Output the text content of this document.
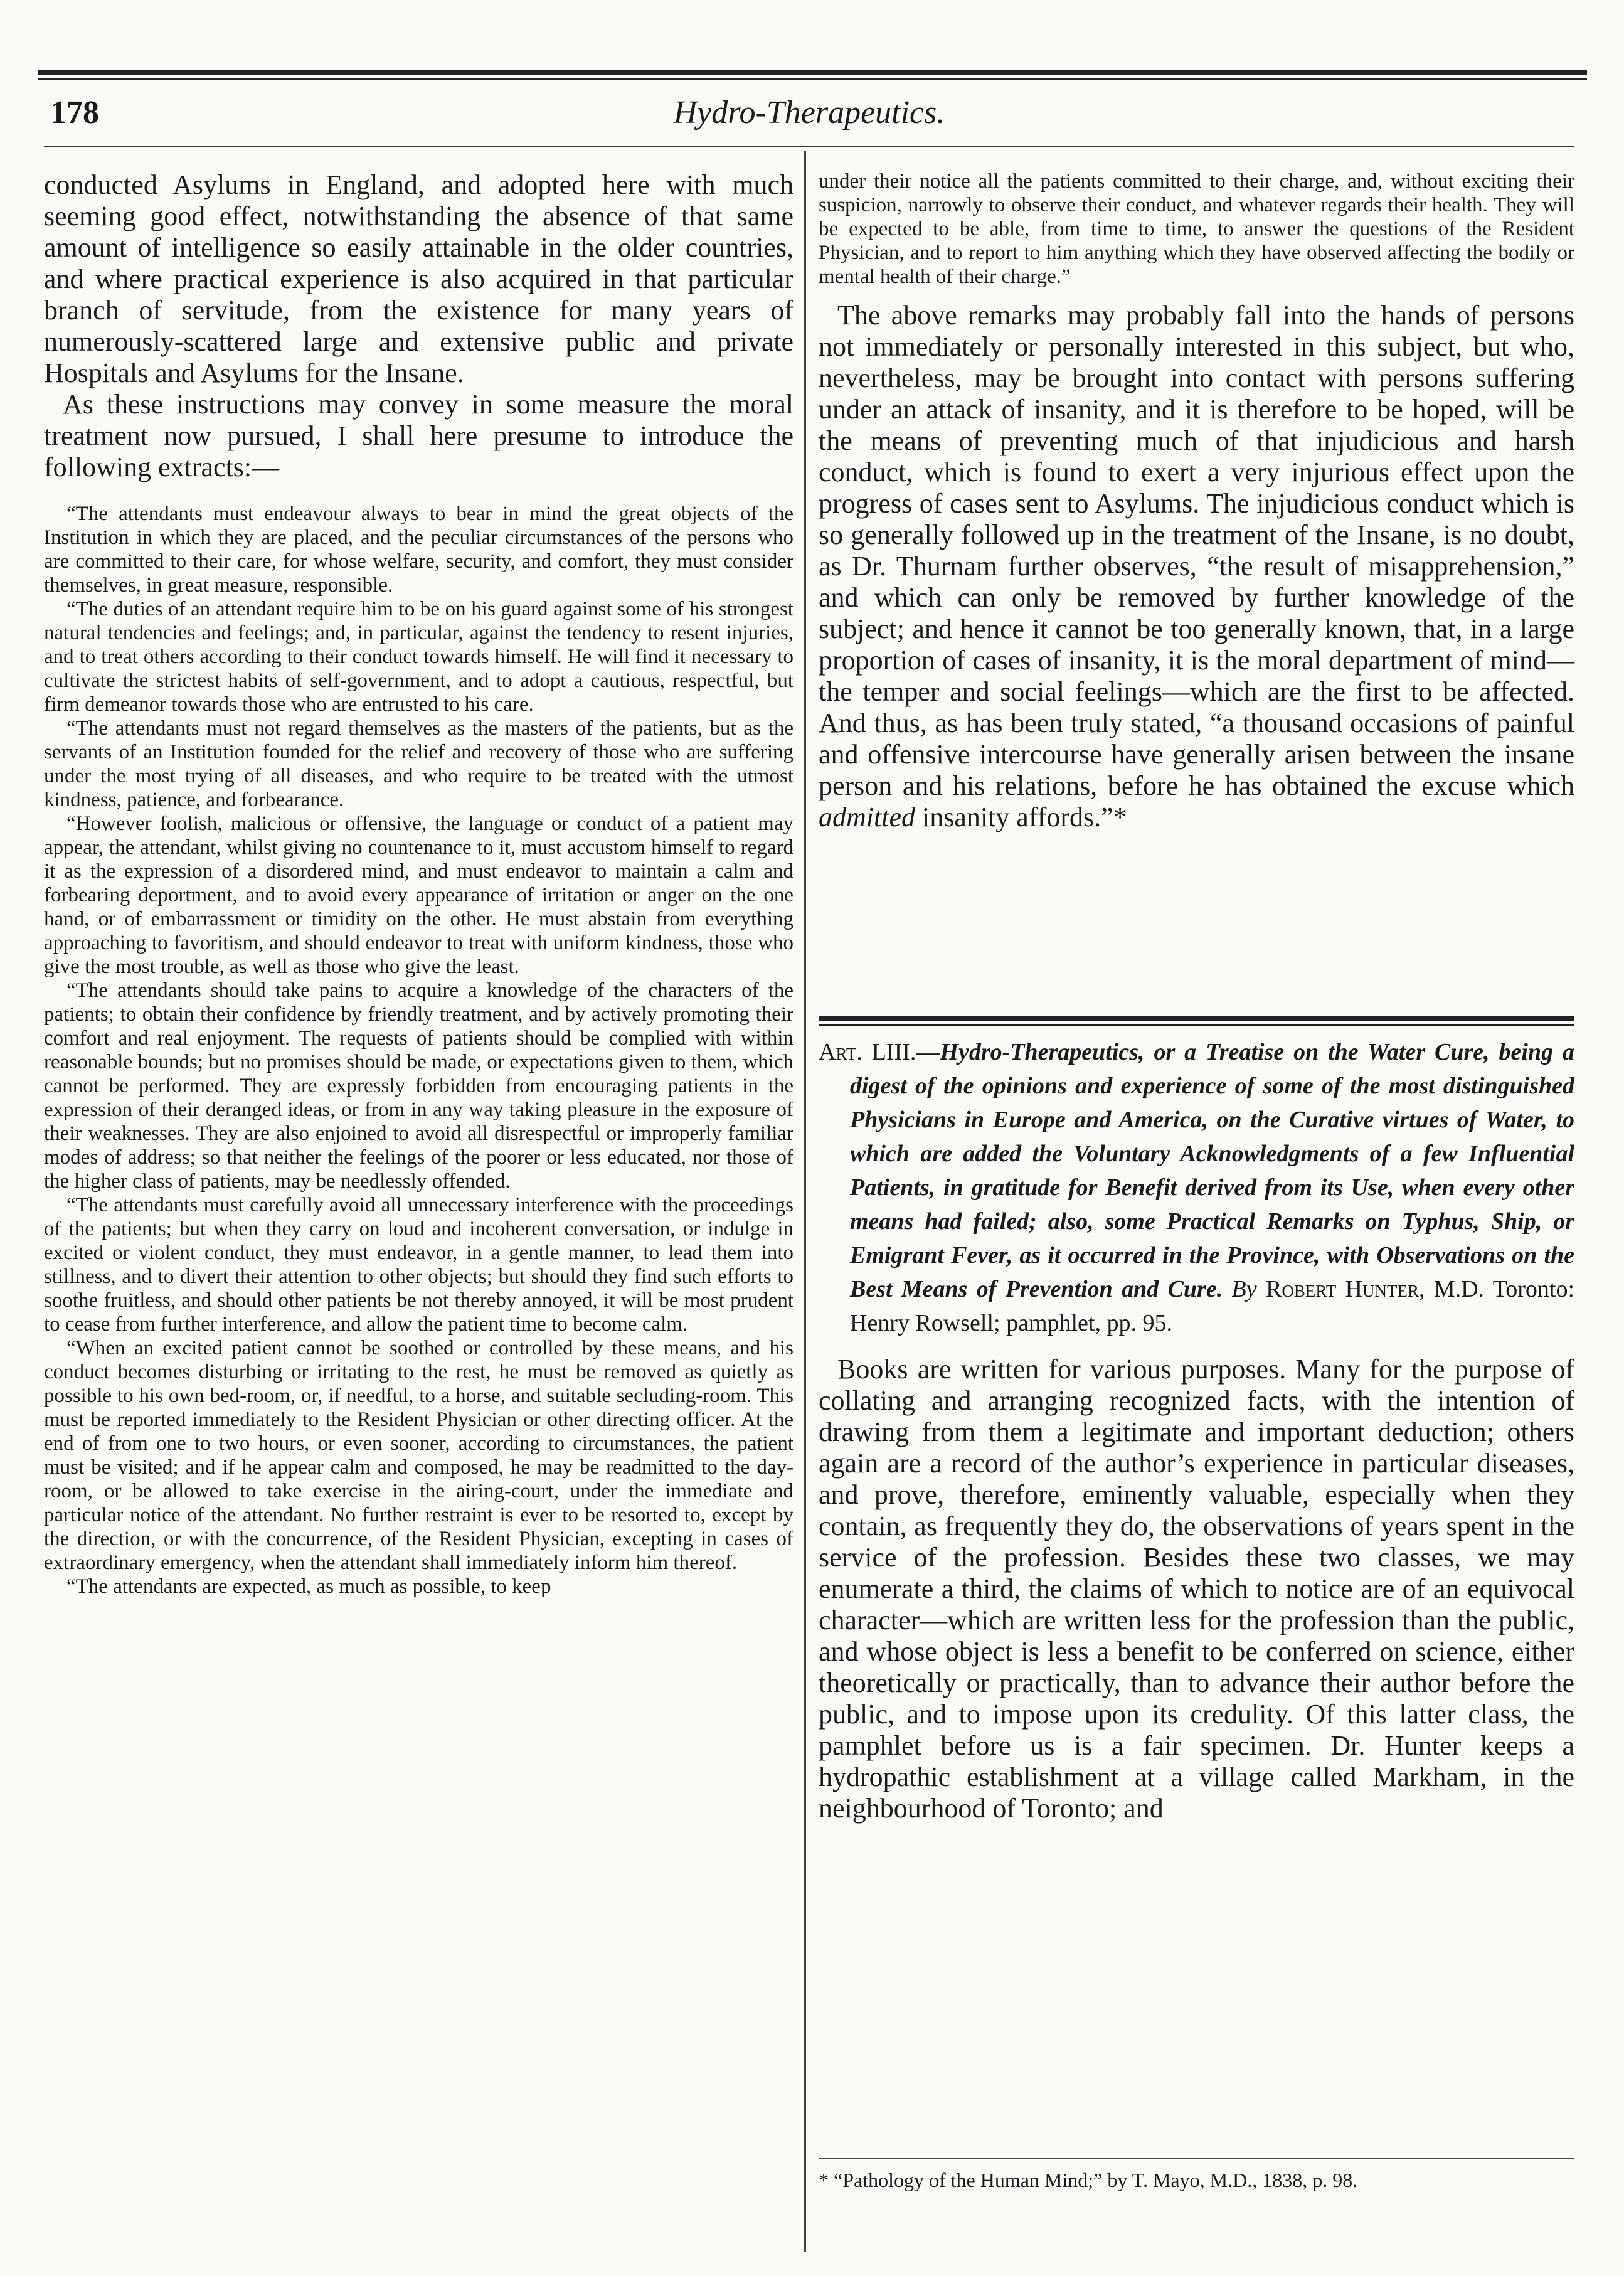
178	Hydro-Therapeutics.

conducted Asylums in England, and adopted here with much seeming good effect, notwithstanding the absence of that same amount of intelligence so easily attainable in the older countries, and where practical experience is also acquired in that particular branch of servitude, from the existence for many years of numerously-scattered large and extensive public and private Hospitals and Asylums for the Insane.

As these instructions may convey in some measure the moral treatment now pursued, I shall here presume to introduce the following extracts:—

“The attendants must endeavour always to bear in mind the great objects of the Institution in which they are placed, and the peculiar circumstances of the persons who are committed to their care, for whose welfare, security, and comfort, they must consider themselves, in great measure, responsible.

“The duties of an attendant require him to be on his guard against some of his strongest natural tendencies and feelings; and, in particular, against the tendency to resent injuries, and to treat others according to their conduct towards himself. He will find it necessary to cultivate the strictest habits of self-government, and to adopt a cautious, respectful, but firm demeanor towards those who are entrusted to his care.

“The attendants must not regard themselves as the masters of the patients, but as the servants of an Institution founded for the relief and recovery of those who are suffering under the most trying of all diseases, and who require to be treated with the utmost kindness, patience, and forbearance.

“However foolish, malicious or offensive, the language or conduct of a patient may appear, the attendant, whilst giving no countenance to it, must accustom himself to regard it as the expression of a disordered mind, and must endeavor to maintain a calm and forbearing deportment, and to avoid every appearance of irritation or anger on the one hand, or of embarrassment or timidity on the other. He must abstain from everything approaching to favoritism, and should endeavor to treat with uniform kindness, those who give the most trouble, as well as those who give the least.

“The attendants should take pains to acquire a knowledge of the characters of the patients; to obtain their confidence by friendly treatment, and by actively promoting their comfort and real enjoyment. The requests of patients should be complied with within reasonable bounds; but no promises should be made, or expectations given to them, which cannot be performed. They are expressly forbidden from encouraging patients in the expression of their deranged ideas, or from in any way taking pleasure in the exposure of their weaknesses. They are also enjoined to avoid all disrespectful or improperly familiar modes of address; so that neither the feelings of the poorer or less educated, nor those of the higher class of patients, may be needlessly offended.

“The attendants must carefully avoid all unnecessary interference with the proceedings of the patients; but when they carry on loud and incoherent conversation, or indulge in excited or violent conduct, they must endeavor, in a gentle manner, to lead them into stillness, and to divert their attention to other objects; but should they find such efforts to soothe fruitless, and should other patients be not thereby annoyed, it will be most prudent to cease from further interference, and allow the patient time to become calm.

“When an excited patient cannot be soothed or controlled by these means, and his conduct becomes disturbing or irritating to the rest, he must be removed as quietly as possible to his own bed-room, or, if needful, to a horse, and suitable secluding-room. This must be reported immediately to the Resident Physician or other directing officer. At the end of from one to two hours, or even sooner, according to circumstances, the patient must be visited; and if he appear calm and composed, he may be readmitted to the day-room, or be allowed to take exercise in the airing-court, under the immediate and particular notice of the attendant. No further restraint is ever to be resorted to, except by the direction, or with the concurrence, of the Resident Physician, excepting in cases of extraordinary emergency, when the attendant shall immediately inform him thereof.

“The attendants are expected, as much as possible, to keep

under their notice all the patients committed to their charge, and, without exciting their suspicion, narrowly to observe their conduct, and whatever regards their health. They will be expected to be able, from time to time, to answer the questions of the Resident Physician, and to report to him anything which they have observed affecting the bodily or mental health of their charge.”

The above remarks may probably fall into the hands of persons not immediately or personally interested in this subject, but who, nevertheless, may be brought into contact with persons suffering under an attack of insanity, and it is therefore to be hoped, will be the means of preventing much of that injudicious and harsh conduct, which is found to exert a very injurious effect upon the progress of cases sent to Asylums. The injudicious conduct which is so generally followed up in the treatment of the Insane, is no doubt, as Dr. Thurnam further observes, “the result of misapprehension,” and which can only be removed by further knowledge of the subject; and hence it cannot be too generally known, that, in a large proportion of cases of insanity, it is the moral department of mind—the temper and social feelings—which are the first to be affected. And thus, as has been truly stated, “a thousand occasions of painful and offensive intercourse have generally arisen between the insane person and his relations, before he has obtained the excuse which admitted insanity affords.”*

Art. LIII.—Hydro-Therapeutics, or a Treatise on the Water Cure, being a digest of the opinions and experience of some of the most distinguished Physicians in Europe and America, on the Curative virtues of Water, to which are added the Voluntary Acknowledgments of a few Influential Patients, in gratitude for Benefit derived from its Use, when every other means had failed; also, some Practical Remarks on Typhus, Ship, or Emigrant Fever, as it occurred in the Province, with Observations on the Best Means of Prevention and Cure. By Robert Hunter, M.D. Toronto: Henry Rowsell; pamphlet, pp. 95.

Books are written for various purposes. Many for the purpose of collating and arranging recognized facts, with the intention of drawing from them a legitimate and important deduction; others again are a record of the author’s experience in particular diseases, and prove, therefore, eminently valuable, especially when they contain, as frequently they do, the observations of years spent in the service of the profession. Besides these two classes, we may enumerate a third, the claims of which to notice are of an equivocal character—which are written less for the profession than the public, and whose object is less a benefit to be conferred on science, either theoretically or practically, than to advance their author before the public, and to impose upon its credulity. Of this latter class, the pamphlet before us is a fair specimen. Dr. Hunter keeps a hydropathic establishment at a village called Markham, in the neighbourhood of Toronto; and

* “Pathology of the Human Mind;” by T. Mayo, M.D., 1838, p. 98.
